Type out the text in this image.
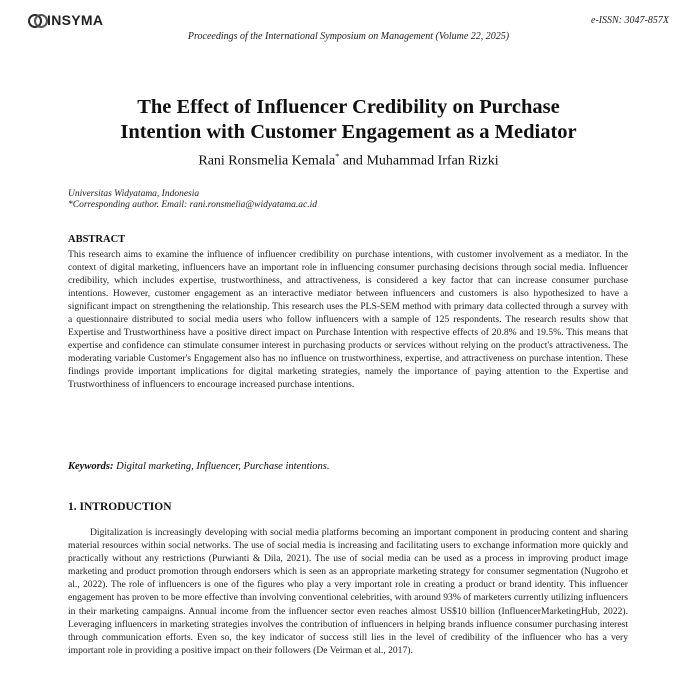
INSYMA	e-ISSN: 3047-857X
Proceedings of the International Symposium on Management (Volume 22, 2025)
The Effect of Influencer Credibility on Purchase
Intention with Customer Engagement as a Mediator
Rani Ronsmelia Kemala* and Muhammad Irfan Rizki
Universitas Widyatama, Indonesia
*Corresponding author. Email: rani.ronsmelia@widyatama.ac.id
ABSTRACT

This research aims to examine the influence of influencer credibility on purchase intentions, with customer involvement as a mediator. In the context of digital marketing, influencers have an important role in influencing consumer purchasing decisions through social media. Influencer credibility, which includes expertise, trustworthiness, and attractiveness, is considered a key factor that can increase consumer purchase intentions. However, customer engagement as an interactive mediator between influencers and customers is also hypothesized to have a significant impact on strengthening the relationship. This research uses the PLS-SEM method with primary data collected through a survey with a questionnaire distributed to social media users who follow influencers with a sample of 125 respondents. The research results show that Expertise and Trustworthiness have a positive direct impact on Purchase Intention with respective effects of 20.8% and 19.5%. This means that expertise and confidence can stimulate consumer interest in purchasing products or services without relying on the product's attractiveness. The moderating variable Customer's Engagement also has no influence on trustworthiness, expertise, and attractiveness on purchase intention. These findings provide important implications for digital marketing strategies, namely the importance of paying attention to the Expertise and Trustworthiness of influencers to encourage increased purchase intentions.

Keywords: Digital marketing, Influencer, Purchase intentions.
1. INTRODUCTION

Digitalization is increasingly developing with social media platforms becoming an important component in producing content and sharing material resources within social networks. The use of social media is increasing and facilitating users to exchange information more quickly and practically without any restrictions (Purwianti & Dila, 2021). The use of social media can be used as a process in improving product image marketing and product promotion through endorsers which is seen as an appropriate marketing strategy for consumer segmentation (Nugroho et al., 2022). The role of influencers is one of the figures who play a very important role in creating a product or brand identity. This influencer engagement has proven to be more effective than involving conventional celebrities, with around 93% of marketers currently utilizing influencers in their marketing campaigns. Annual income from the influencer sector even reaches almost US$10 billion (InfluencerMarketingHub, 2022). Leveraging influencers in marketing strategies involves the contribution of influencers in helping brands influence consumer purchasing interest through communication efforts. Even so, the key indicator of success still lies in the level of credibility of the influencer who has a very important role in providing a positive impact on their followers (De Veirman et al., 2017).
